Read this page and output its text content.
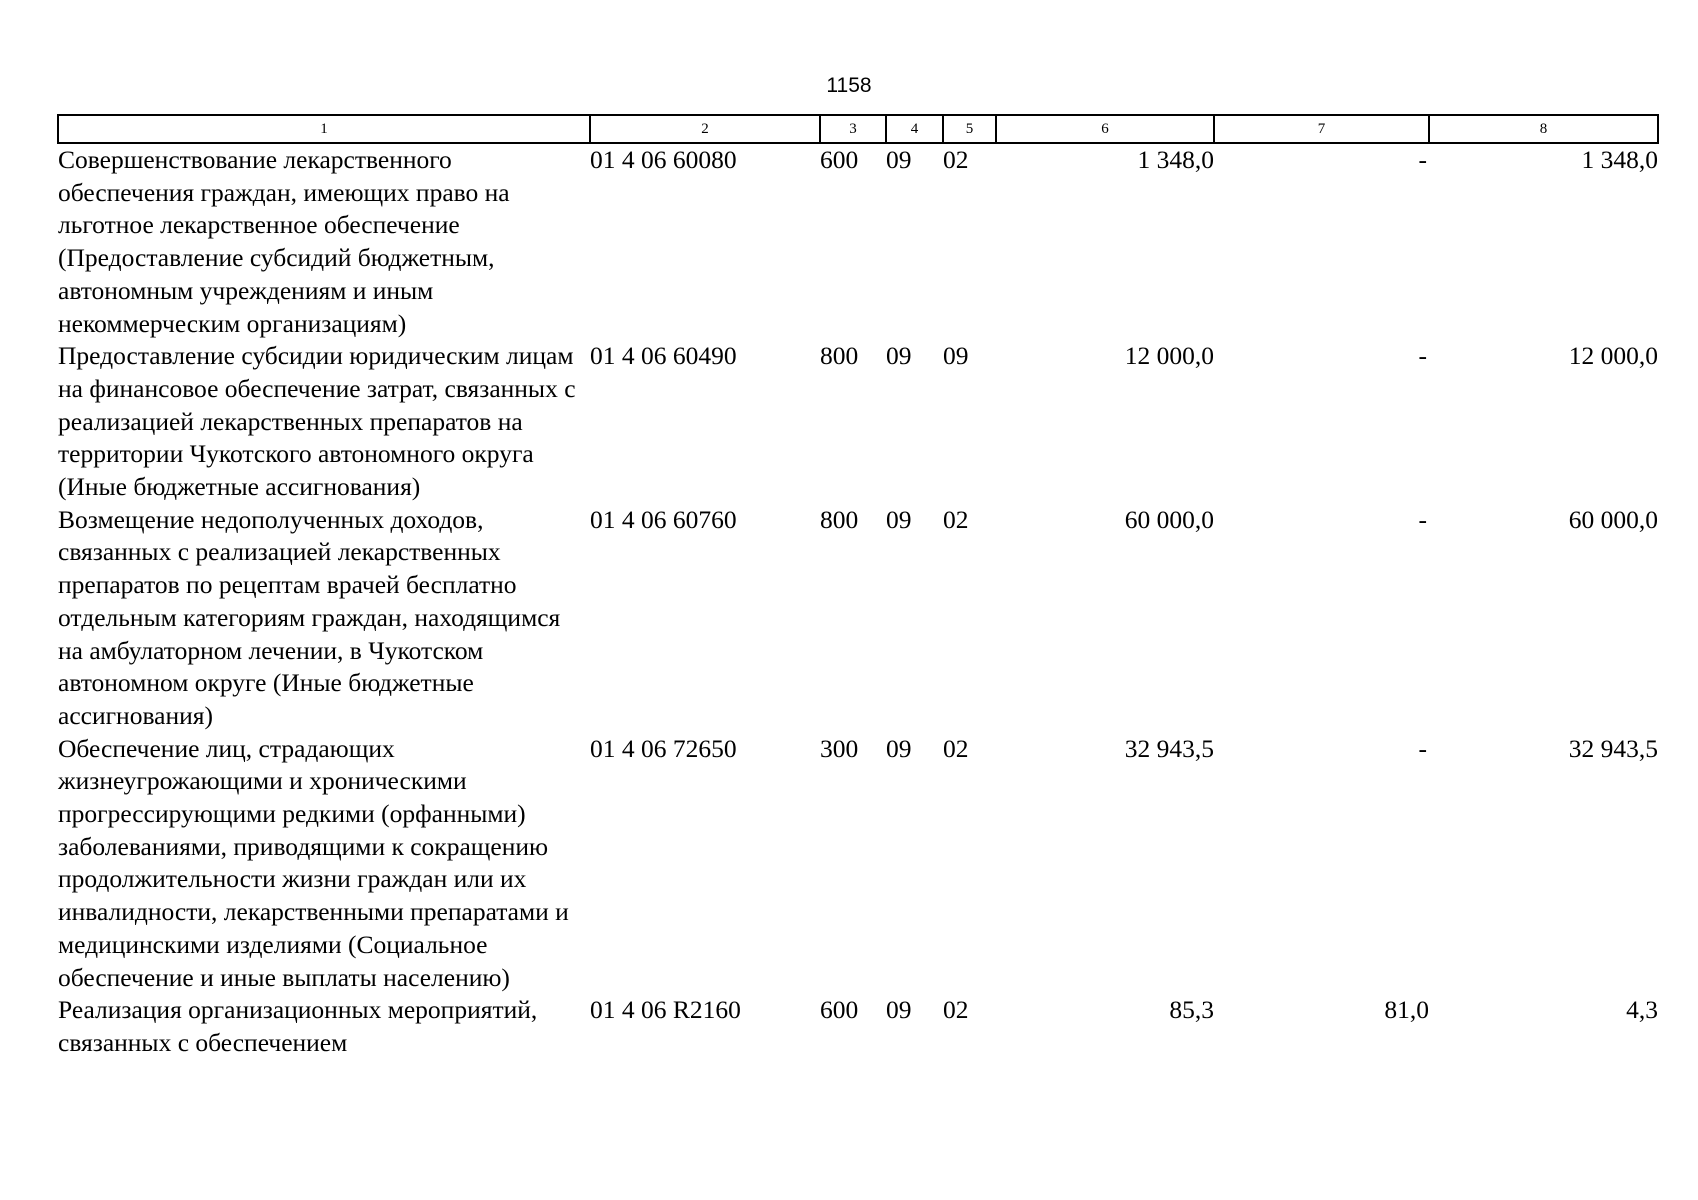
1158
1	2	3	4	5	6	7	8
Совершенствование лекарственного обеспечения граждан, имеющих право на льготное лекарственное обеспечение (Предоставление субсидий бюджетным, автономным учреждениям и иным некоммерческим организациям)	01 4 06 60080	600	09	02	1 348,0	-	1 348,0
Предоставление субсидии юридическим лицам на финансовое обеспечение затрат, связанных с реализацией лекарственных препаратов на территории Чукотского автономного округа (Иные бюджетные ассигнования)	01 4 06 60490	800	09	09	12 000,0	-	12 000,0
Возмещение недополученных доходов, связанных с реализацией лекарственных препаратов по рецептам врачей бесплатно отдельным категориям граждан, находящимся на амбулаторном лечении, в Чукотском автономном округе (Иные бюджетные ассигнования)	01 4 06 60760	800	09	02	60 000,0	-	60 000,0
Обеспечение лиц, страдающих жизнеугрожающими и хроническими прогрессирующими редкими (орфанными) заболеваниями, приводящими к сокращению продолжительности жизни граждан или их инвалидности, лекарственными препаратами и медицинскими изделиями (Социальное обеспечение и иные выплаты населению)	01 4 06 72650	300	09	02	32 943,5	-	32 943,5
Реализация организационных мероприятий, связанных с обеспечением	01 4 06 R2160	600	09	02	85,3	81,0	4,3
